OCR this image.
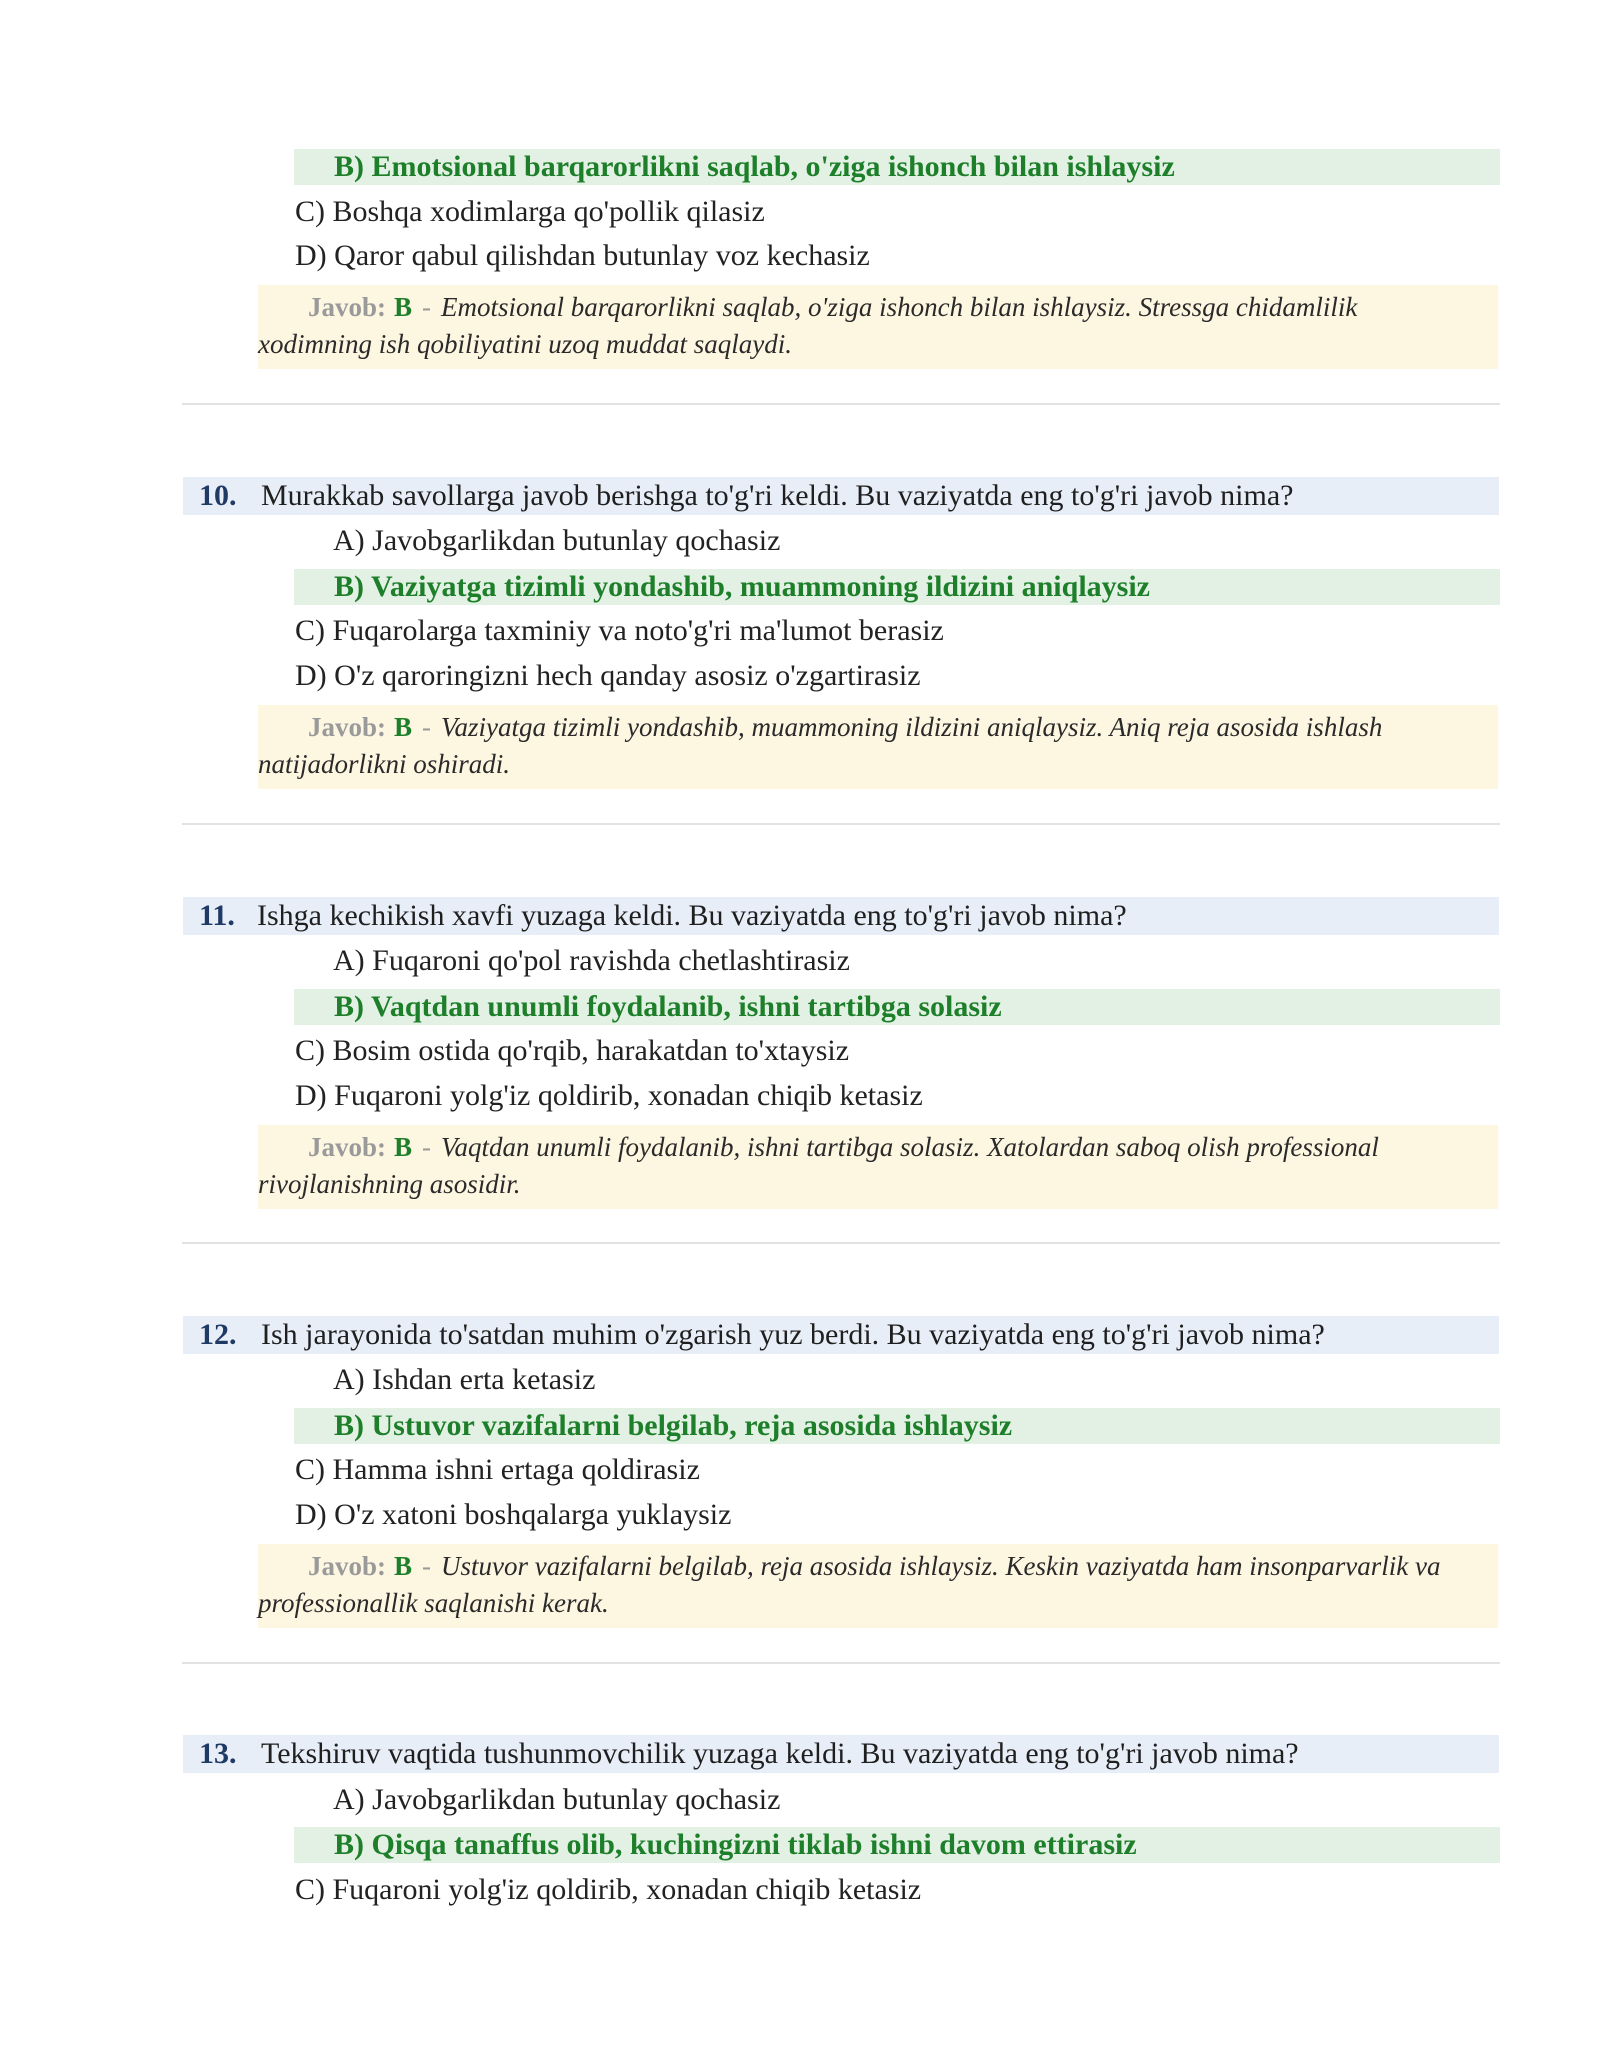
B) Emotsional barqarorlikni saqlab, o'ziga ishonch bilan ishlaysiz
C) Boshqa xodimlarga qo'pollik qilasiz
D) Qaror qabul qilishdan butunlay voz kechasiz
Javob: B - Emotsional barqarorlikni saqlab, o'ziga ishonch bilan ishlaysiz. Stressga chidamlilik xodimning ish qobiliyatini uzoq muddat saqlaydi.
10. Murakkab savollarga javob berishga to'g'ri keldi. Bu vaziyatda eng to'g'ri javob nima?
A) Javobgarlikdan butunlay qochasiz
B) Vaziyatga tizimli yondashib, muammoning ildizini aniqlaysiz
C) Fuqarolarga taxminiy va noto'g'ri ma'lumot berasiz
D) O'z qaroringizni hech qanday asosiz o'zgartirasiz
Javob: B - Vaziyatga tizimli yondashib, muammoning ildizini aniqlaysiz. Aniq reja asosida ishlash natijadorlikni oshiradi.
11. Ishga kechikish xavfi yuzaga keldi. Bu vaziyatda eng to'g'ri javob nima?
A) Fuqaroni qo'pol ravishda chetlashtirasiz
B) Vaqtdan unumli foydalanib, ishni tartibga solasiz
C) Bosim ostida qo'rqib, harakatdan to'xtaysiz
D) Fuqaroni yolg'iz qoldirib, xonadan chiqib ketasiz
Javob: B - Vaqtdan unumli foydalanib, ishni tartibga solasiz. Xatolardan saboq olish professional rivojlanishning asosidir.
12. Ish jarayonida to'satdan muhim o'zgarish yuz berdi. Bu vaziyatda eng to'g'ri javob nima?
A) Ishdan erta ketasiz
B) Ustuvor vazifalarni belgilab, reja asosida ishlaysiz
C) Hamma ishni ertaga qoldirasiz
D) O'z xatoni boshqalarga yuklaysiz
Javob: B - Ustuvor vazifalarni belgilab, reja asosida ishlaysiz. Keskin vaziyatda ham insonparvarlik va professionallik saqlanishi kerak.
13. Tekshiruv vaqtida tushunmovchilik yuzaga keldi. Bu vaziyatda eng to'g'ri javob nima?
A) Javobgarlikdan butunlay qochasiz
B) Qisqa tanaffus olib, kuchingizni tiklab ishni davom ettirasiz
C) Fuqaroni yolg'iz qoldirib, xonadan chiqib ketasiz
